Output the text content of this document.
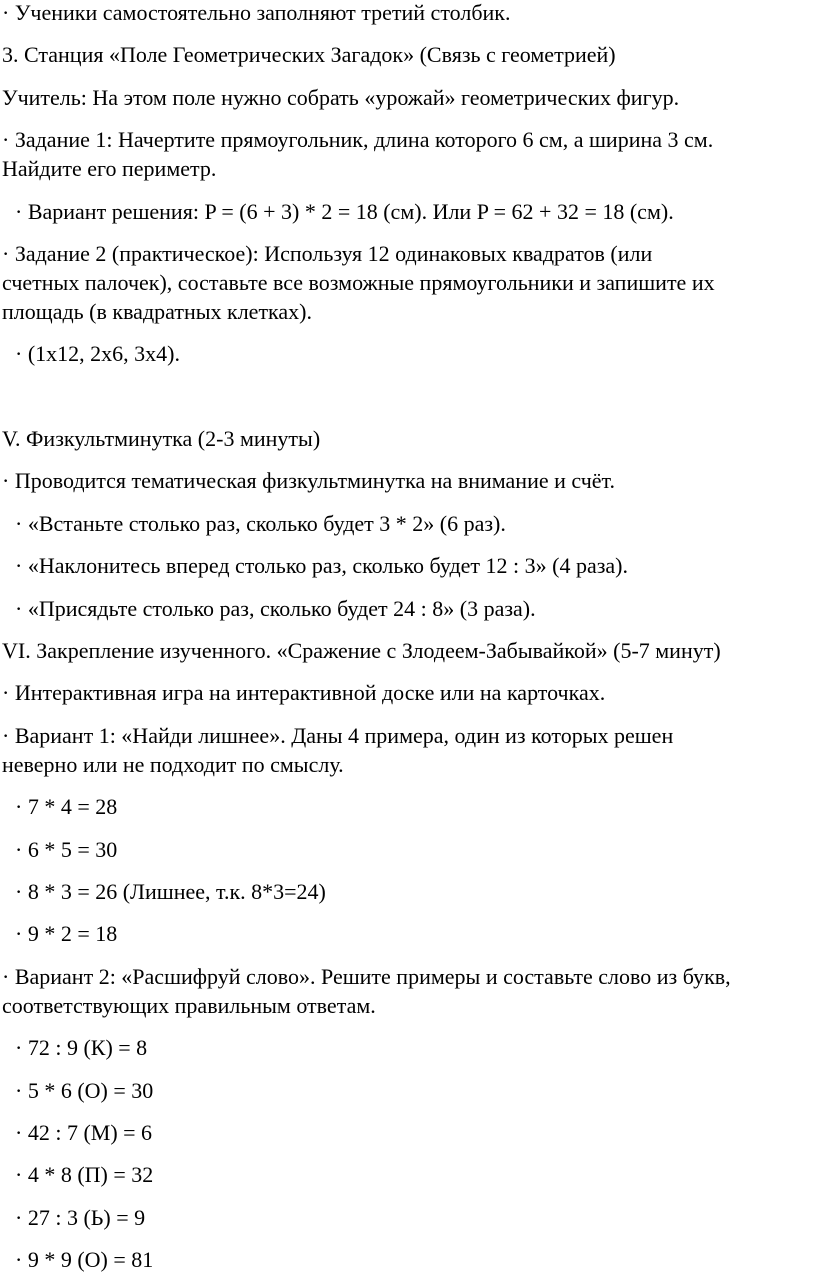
· Ученики самостоятельно заполняют третий столбик.
3. Станция «Поле Геометрических Загадок» (Связь с геометрией)
Учитель: На этом поле нужно собрать «урожай» геометрических фигур.
· Задание 1: Начертите прямоугольник, длина которого 6 см, а ширина 3 см.
Найдите его периметр.
· Вариант решения: P = (6 + 3) * 2 = 18 (см). Или P = 62 + 32 = 18 (см).
· Задание 2 (практическое): Используя 12 одинаковых квадратов (или
счетных палочек), составьте все возможные прямоугольники и запишите их
площадь (в квадратных клетках).
· (1x12, 2x6, 3x4).
V. Физкультминутка (2-3 минуты)
· Проводится тематическая физкультминутка на внимание и счёт.
· «Встаньте столько раз, сколько будет 3 * 2» (6 раз).
· «Наклонитесь вперед столько раз, сколько будет 12 : 3» (4 раза).
· «Присядьте столько раз, сколько будет 24 : 8» (3 раза).
VI. Закрепление изученного. «Сражение с Злодеем-Забывайкой» (5-7 минут)
· Интерактивная игра на интерактивной доске или на карточках.
· Вариант 1: «Найди лишнее». Даны 4 примера, один из которых решен
неверно или не подходит по смыслу.
· 7 * 4 = 28
· 6 * 5 = 30
· 8 * 3 = 26 (Лишнее, т.к. 8*3=24)
· 9 * 2 = 18
· Вариант 2: «Расшифруй слово». Решите примеры и составьте слово из букв,
соответствующих правильным ответам.
· 72 : 9 (К) = 8
· 5 * 6 (О) = 30
· 42 : 7 (М) = 6
· 4 * 8 (П) = 32
· 27 : 3 (Ь) = 9
· 9 * 9 (О) = 81
